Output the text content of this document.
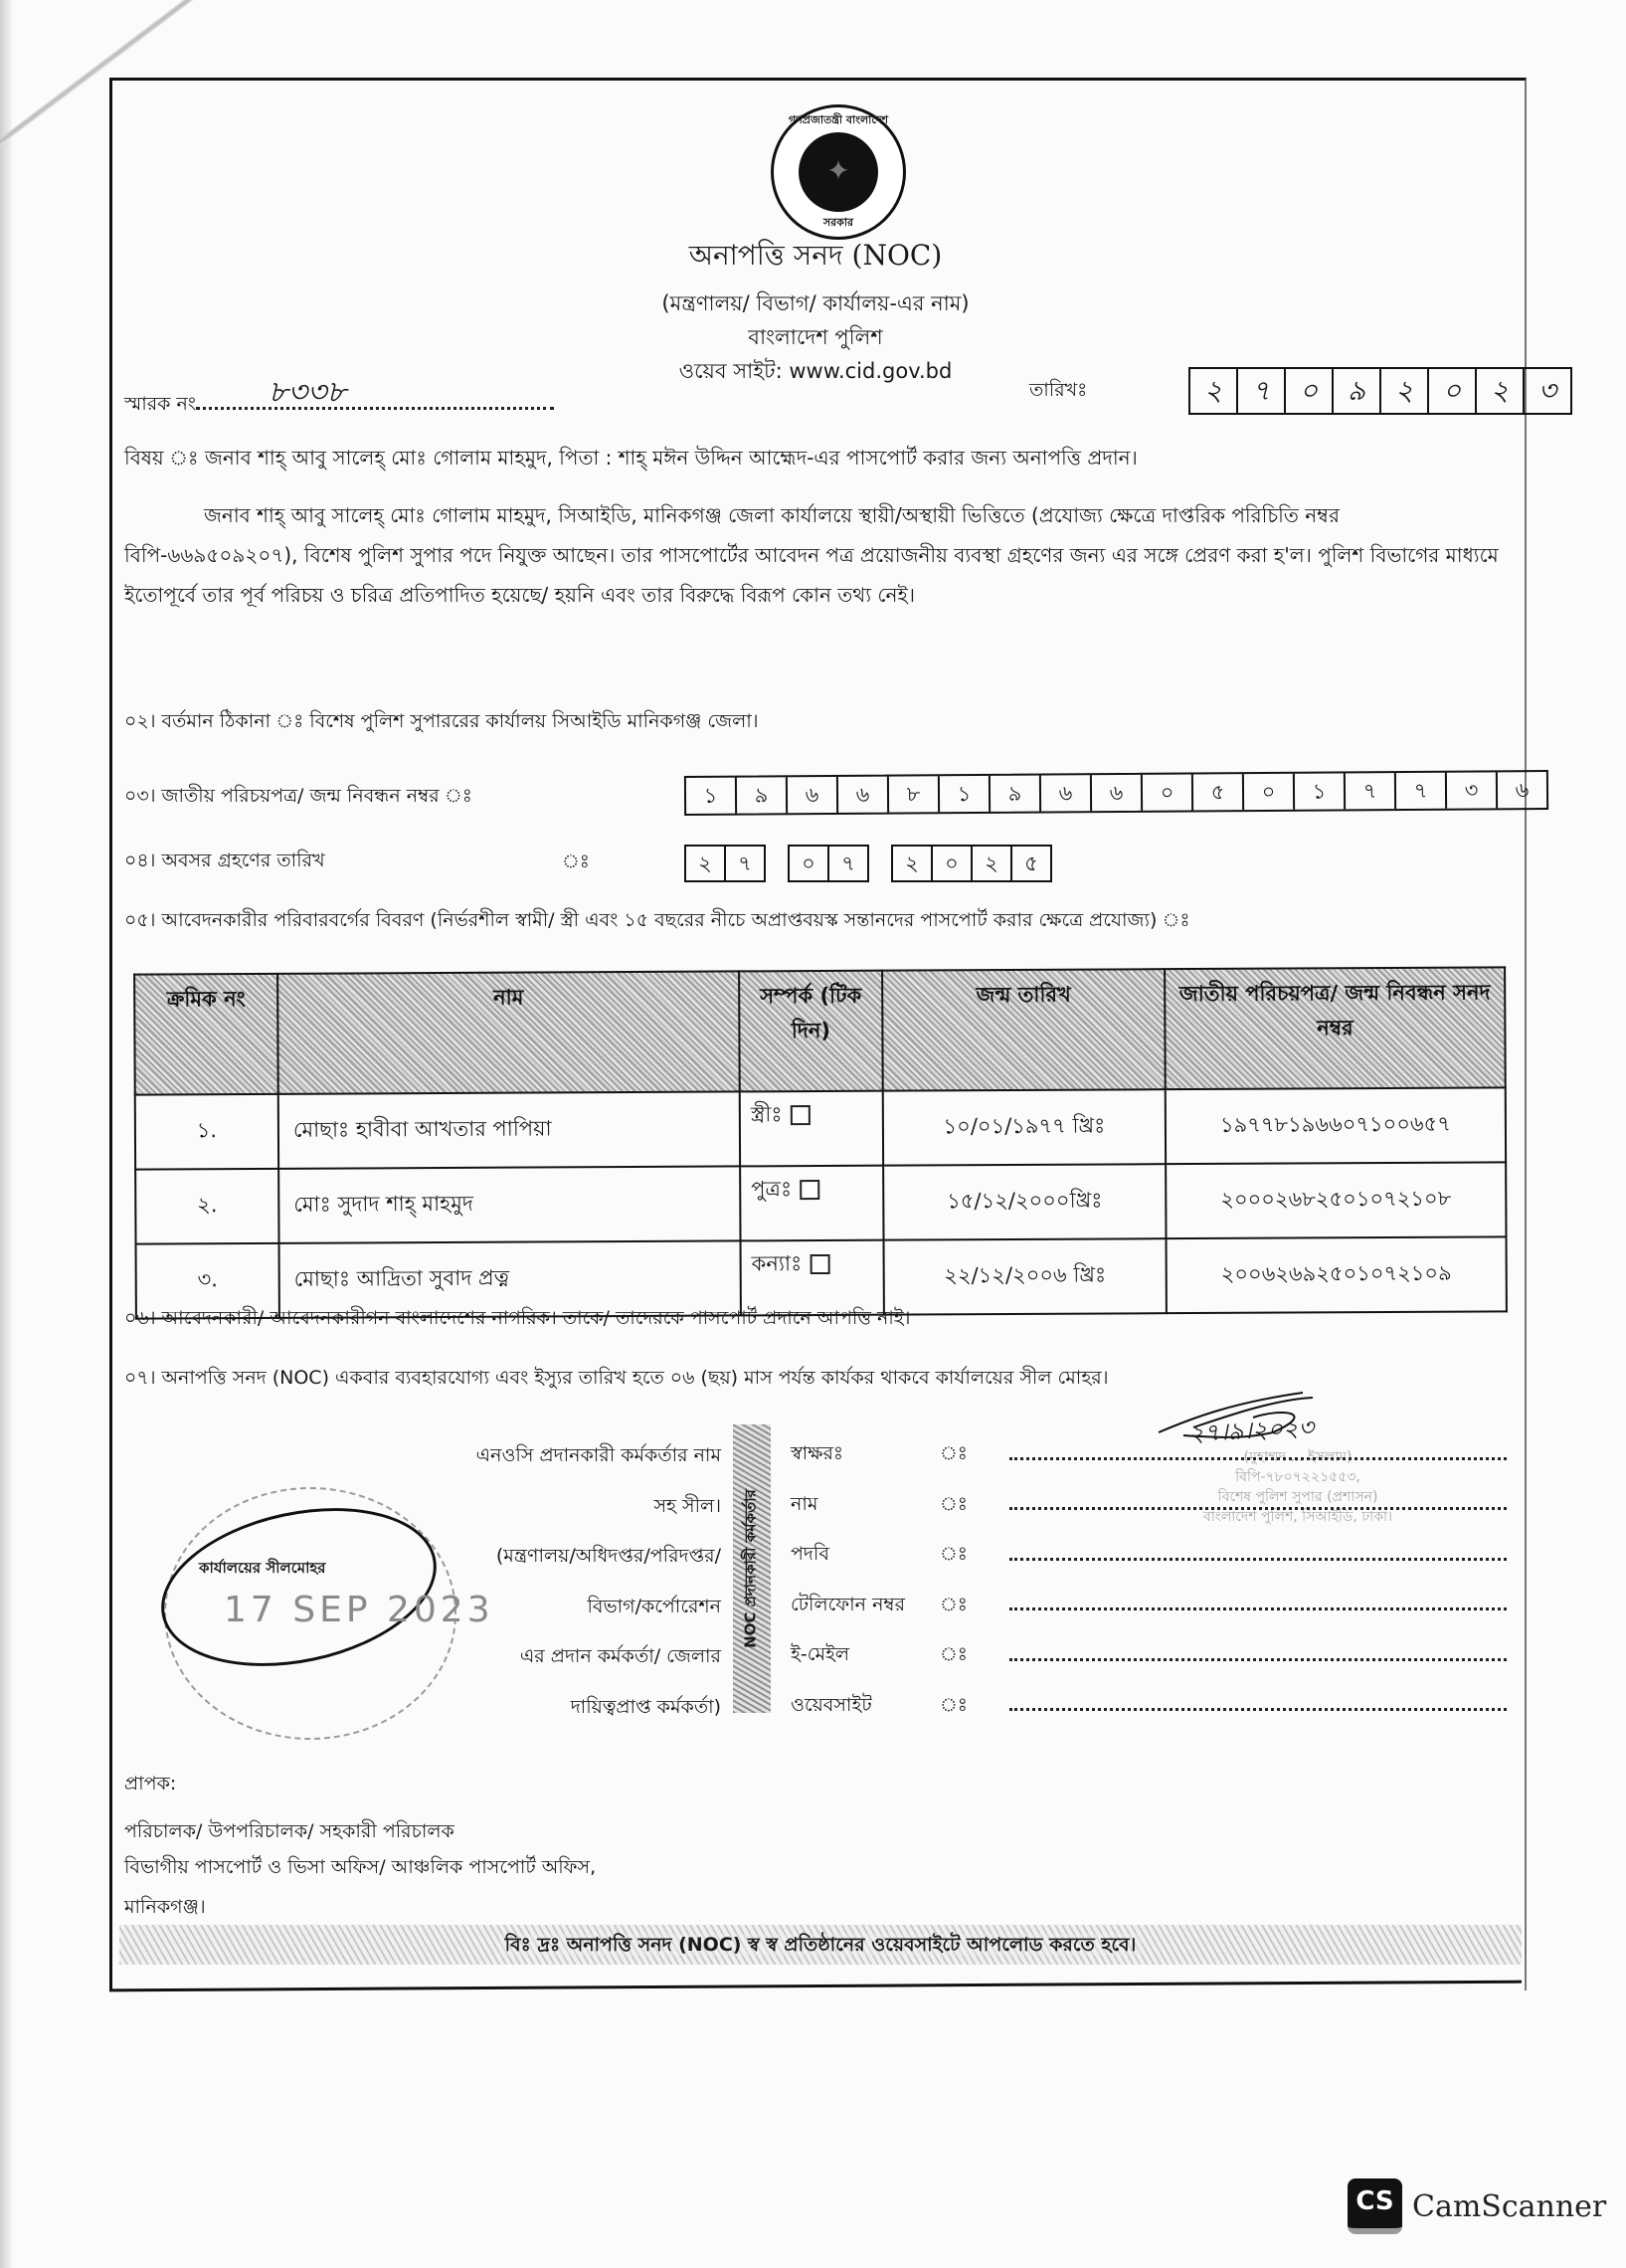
গণপ্রজাতন্ত্রী বাংলাদেশ
✦
সরকার
অনাপত্তি সনদ (NOC)
(মন্ত্রণালয়/ বিভাগ/ কার্যালয়-এর নাম)
বাংলাদেশ পুলিশ
ওয়েব সাইট: www.cid.gov.bd
স্মারক নং ৮৩৩৮	তারিখঃ	২	৭	০	৯	২	০	২	৩
বিষয় ঃ জনাব শাহ্ আবু সালেহ্ মোঃ গোলাম মাহমুদ, পিতা : শাহ্ মঈন উদ্দিন আহ্মেদ-এর পাসপোর্ট করার জন্য অনাপত্তি প্রদান।
জনাব শাহ্ আবু সালেহ্ মোঃ গোলাম মাহমুদ, সিআইডি, মানিকগঞ্জ জেলা কার্যালয়ে স্থায়ী/অস্থায়ী ভিত্তিতে (প্রযোজ্য ক্ষেত্রে দাপ্তরিক পরিচিতি নম্বর বিপি-৬৬৯৫০৯২০৭), বিশেষ পুলিশ সুপার পদে নিযুক্ত আছেন। তার পাসপোর্টের আবেদন পত্র প্রয়োজনীয় ব্যবস্থা গ্রহণের জন্য এর সঙ্গে প্রেরণ করা হ'ল। পুলিশ বিভাগের মাধ্যমে ইতোপূর্বে তার পূর্ব পরিচয় ও চরিত্র প্রতিপাদিত হয়েছে/ হয়নি এবং তার বিরুদ্ধে বিরূপ কোন তথ্য নেই।
০২। বর্তমান ঠিকানা ঃ বিশেষ পুলিশ সুপাররের কার্যালয় সিআইডি মানিকগঞ্জ জেলা।
০৩। জাতীয় পরিচয়পত্র/ জন্ম নিবন্ধন নম্বর ঃ	১	৯	৬	৬	৮	১	৯	৬	৬	০	৫	০	১	৭	৭	৩	৬
০৪। অবসর গ্রহণের তারিখ	ঃ	২	৭	০	৭	২	০	২	৫
০৫। আবেদনকারীর পরিবারবর্গের বিবরণ (নির্ভরশীল স্বামী/ স্ত্রী এবং ১৫ বছরের নীচে অপ্রাপ্তবয়স্ক সন্তানদের পাসপোর্ট করার ক্ষেত্রে প্রযোজ্য) ঃ
ক্রমিক নং	নাম	সম্পর্ক (টিক দিন)	জন্ম তারিখ	জাতীয় পরিচয়পত্র/ জন্ম নিবন্ধন সনদ নম্বর
১.	মোছাঃ হাবীবা আখতার পাপিয়া	স্ত্রীঃ	১০/০১/১৯৭৭ খ্রিঃ	১৯৭৭৮১৯৬৬০৭১০০৬৫৭
২.	মোঃ সুদাদ শাহ্ মাহমুদ	পুত্রঃ	১৫/১২/২০০০খ্রিঃ	২০০০২৬৮২৫০১০৭২১০৮
৩.	মোছাঃ আদ্রিতা সুবাদ প্রত্ন	কন্যাঃ	২২/১২/২০০৬ খ্রিঃ	২০০৬২৬৯২৫০১০৭২১০৯
০৬। আবেদনকারী/ আবেদনকারীগন বাংলাদেশের নাগরিক। তাকে/ তাদেরকে পাসপোর্ট প্রদানে আপত্তি নাই।
০৭। অনাপত্তি সনদ (NOC) একবার ব্যবহারযোগ্য এবং ইস্যুর তারিখ হতে ০৬ (ছয়) মাস পর্যন্ত কার্যকর থাকবে কার্যালয়ের সীল মোহর।
২৭।৯।২০২৩
(মুহাম্মদ ... ইসলাম)
বিপি-৭৮০৭২২১৫৫৩,
বিশেষ পুলিশ সুপার (প্রশাসন)
বাংলাদেশ পুলিশ, সিআইডি, ঢাকা।
কার্যালয়ের সীলমোহর
17 SEP 2023
এনওসি প্রদানকারী কর্মকর্তার নাম
সহ সীল।
(মন্ত্রণালয়/অধিদপ্তর/পরিদপ্তর/
বিভাগ/কর্পোরেশন
এর প্রদান কর্মকর্তা/ জেলার
দায়িত্বপ্রাপ্ত কর্মকর্তা)
NOC প্রদানকারী কর্মকর্তার
স্বাক্ষরঃ	ঃ
নাম	ঃ
পদবি	ঃ
টেলিফোন নম্বর	ঃ
ই-মেইল	ঃ
ওয়েবসাইট	ঃ
প্রাপক:
পরিচালক/ উপপরিচালক/ সহকারী পরিচালক
বিভাগীয় পাসপোর্ট ও ভিসা অফিস/ আঞ্চলিক পাসপোর্ট অফিস,
মানিকগঞ্জ।
বিঃ দ্রঃ অনাপত্তি সনদ (NOC) স্ব স্ব প্রতিষ্ঠানের ওয়েবসাইটে আপলোড করতে হবে।
CS CamScanner
